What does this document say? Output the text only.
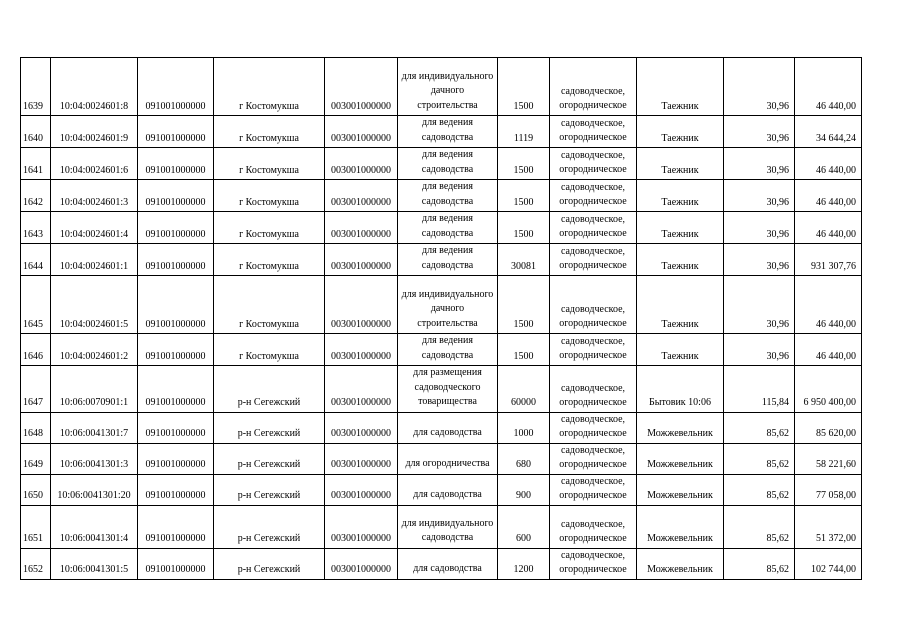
1639	10:04:0024601:8	091001000000	г Костомукша	003001000000	для индивидуального дачного строительства	1500	садоводческое, огородническое	Таежник	30,96	46 440,00
1640	10:04:0024601:9	091001000000	г Костомукша	003001000000	для ведения садоводства	1119	садоводческое, огородническое	Таежник	30,96	34 644,24
1641	10:04:0024601:6	091001000000	г Костомукша	003001000000	для ведения садоводства	1500	садоводческое, огородническое	Таежник	30,96	46 440,00
1642	10:04:0024601:3	091001000000	г Костомукша	003001000000	для ведения садоводства	1500	садоводческое, огородническое	Таежник	30,96	46 440,00
1643	10:04:0024601:4	091001000000	г Костомукша	003001000000	для ведения садоводства	1500	садоводческое, огородническое	Таежник	30,96	46 440,00
1644	10:04:0024601:1	091001000000	г Костомукша	003001000000	для ведения садоводства	30081	садоводческое, огородническое	Таежник	30,96	931 307,76
1645	10:04:0024601:5	091001000000	г Костомукша	003001000000	для индивидуального дачного строительства	1500	садоводческое, огородническое	Таежник	30,96	46 440,00
1646	10:04:0024601:2	091001000000	г Костомукша	003001000000	для ведения садоводства	1500	садоводческое, огородническое	Таежник	30,96	46 440,00
1647	10:06:0070901:1	091001000000	р-н Сегежский	003001000000	для размещения садоводческого товарищества	60000	садоводческое, огородническое	Бытовик 10:06	115,84	6 950 400,00
1648	10:06:0041301:7	091001000000	р-н Сегежский	003001000000	для садоводства	1000	садоводческое, огородническое	Можжевельник	85,62	85 620,00
1649	10:06:0041301:3	091001000000	р-н Сегежский	003001000000	для огородничества	680	садоводческое, огородническое	Можжевельник	85,62	58 221,60
1650	10:06:0041301:20	091001000000	р-н Сегежский	003001000000	для садоводства	900	садоводческое, огородническое	Можжевельник	85,62	77 058,00
1651	10:06:0041301:4	091001000000	р-н Сегежский	003001000000	для индивидуального садоводства	600	садоводческое, огородническое	Можжевельник	85,62	51 372,00
1652	10:06:0041301:5	091001000000	р-н Сегежский	003001000000	для садоводства	1200	садоводческое, огородническое	Можжевельник	85,62	102 744,00
